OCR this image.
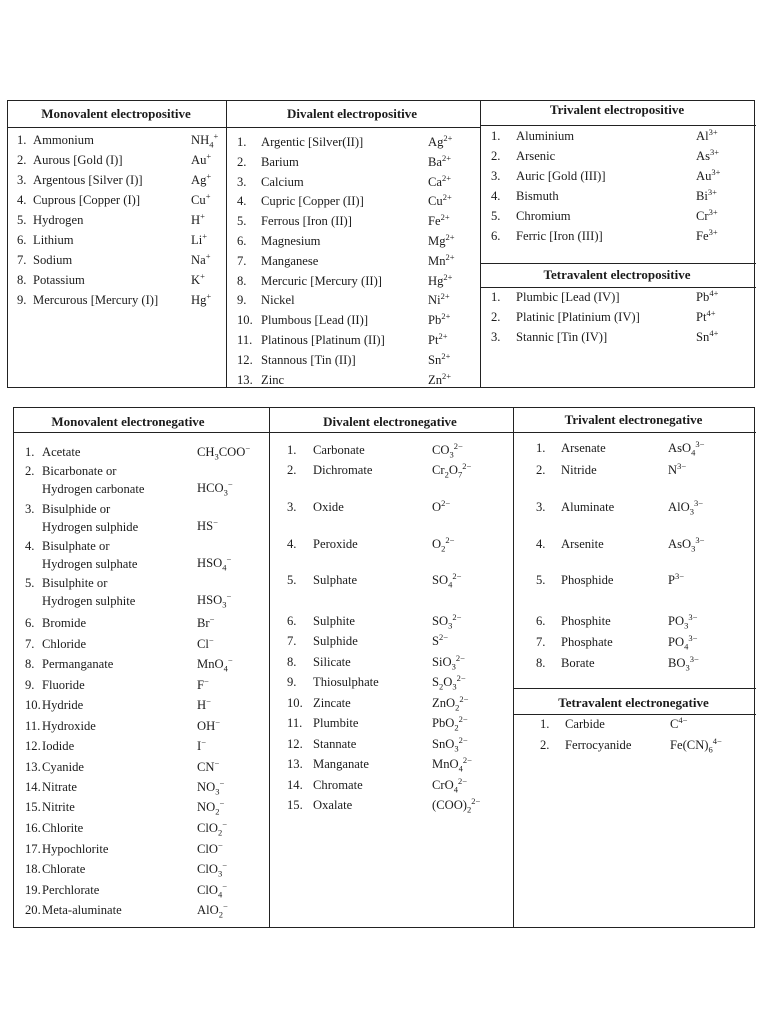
Monovalent electropositive	Divalent electropositive	Trivalent electropositive
Tetravalent electropositive
1. Ammonium	$NH_4^+$
2. Aurous [Gold (I)]	Au+
3. Argentous [Silver (I)]	Ag+
4. Cuprous [Copper (I)]	Cu+
5. Hydrogen	H+
6. Lithium	Li+
7. Sodium	Na+
8. Potassium	K+
9. Mercurous [Mercury (I)]	Hg+
1. Argentic [Silver(II)]	$Ag^{2+}$
2. Barium	$Ba^{2+}$
3. Calcium	$Ca^{2+}$
4. Cupric [Copper (II)]	$Cu^{2+}$
5. Ferrous [Iron (II)]	$Fe^{2+}$
6. Magnesium	$Mg^{2+}$
7. Manganese	$Mn^{2+}$
8. Mercuric [Mercury (II)]	$Hg^{2+}$
9. Nickel	$Ni^{2+}$
10. Plumbous [Lead (II)]	$Pb^{2+}$
11. Platinous [Platinum (II)]	$Pt^{2+}$
12. Stannous [Tin (II)]	$Sn^{2+}$
13. Zinc	$Zn^{2+}$
1. Aluminium	$Al^{3+}$
2. Arsenic	$As^{3+}$
3. Auric [Gold (III)]	$Au^{3+}$
4. Bismuth	$Bi^{3+}$
5. Chromium	$Cr^{3+}$
6. Ferric [Iron (III)]	$Fe^{3+}$
1. Plumbic [Lead (IV)]	$Pb^{4+}$
2. Platinic [Platinium (IV)]	$Pt^{4+}$
3. Stannic [Tin (IV)]	$Sn^{4+}$
Monovalent electronegative	Divalent electronegative	Trivalent electronegative
Tetravalent electronegative
1. Acetate	$CH_3COO^-$
2. Bicarbonate or
Hydrogen carbonate	$HCO_3^-$
3. Bisulphide or
Hydrogen sulphide	HS−
4. Bisulphate or
Hydrogen sulphate	$HSO_4^-$
5. Bisulphite or
Hydrogen sulphite	$HSO_3^-$
6. Bromide	Br−
7. Chloride	Cl−
8. Permanganate	MnO$_4$−
9. Fluoride	F−
10.Hydride	H−
11. Hydroxide	OH−
12.Iodide	I−
13.Cyanide	CN−
14.Nitrate	$NO_3^-$
15.Nitrite	$NO_2^-$
16.Chlorite	ClO$_2$−
17.Hypochlorite	ClO−
18.Chlorate	ClO$_3$−
19.Perchlorate	ClO$_4$−
20.Meta-aluminate	AlO$_2$−
1. Carbonate	$CO_3^{2-}$
2. Dichromate	$Cr_2O_7^{2-}$
3. Oxide	$O^{2-}$
4. Peroxide	$O_2^{2-}$
5. Sulphate	$SO_4^{2-}$
6. Sulphite	$SO_3^{2-}$
7. Sulphide	$S^{2-}$
8. Silicate	SiO$_3^{2-}$
9. Thiosulphate	$S_2O_3^{2-}$
10. Zincate	ZnO$_2^{2-}$
11. Plumbite	PbO$_2^{2-}$
12. Stannate	SnO$_3^{2-}$
13. Manganate	MnO$_4^{2-}$
14. Chromate	CrO$_4^{2-}$
15. Oxalate	$(COO)_2^{2-}$
1. Arsenate	AsO$_4^{3-}$
2. Nitride	$N^{3-}$
3. Aluminate	AlO$_3^{3-}$
4. Arsenite	AsO$_3^{3-}$
5. Phosphide	$P^{3-}$
6. Phosphite	$PO_3^{3-}$
7. Phosphate	$PO_4^{3-}$
8. Borate	$BO_3^{3-}$
1. Carbide	$C^{4-}$
2. Ferrocyanide	$Fe(CN)_6^{4-}$
